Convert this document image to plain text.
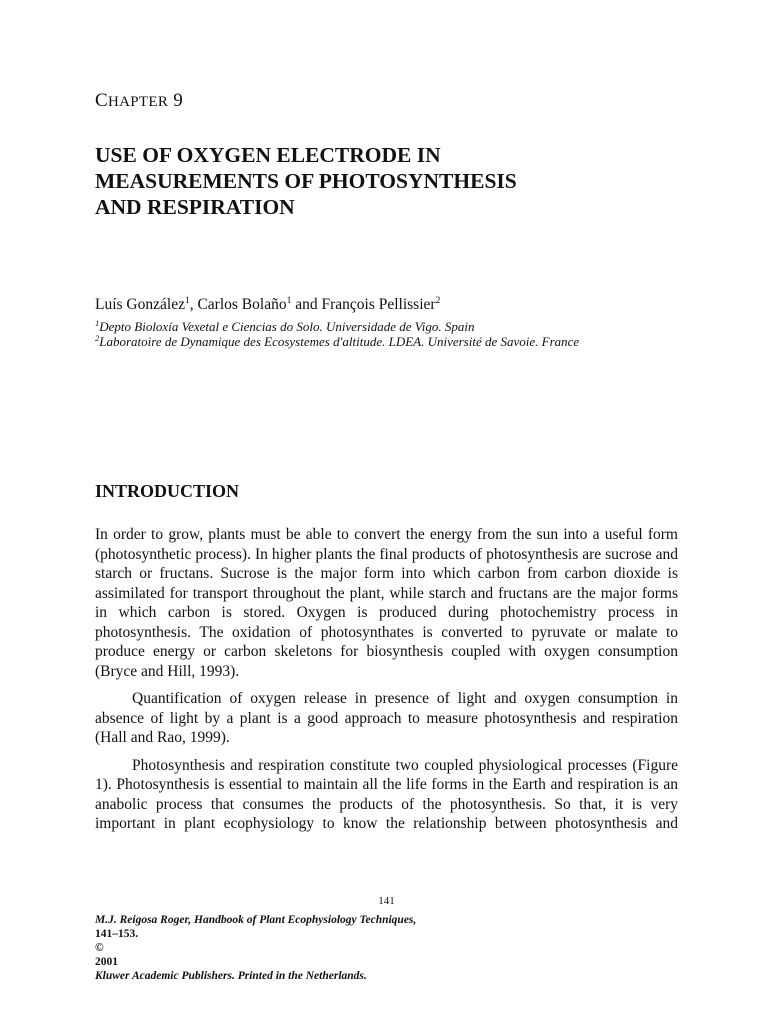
CHAPTER 9
USE OF OXYGEN ELECTRODE IN
MEASUREMENTS OF PHOTOSYNTHESIS
AND RESPIRATION
Luís González$^1$, Carlos Bolaño$^1$ and François Pellissier$^2$
$^1$Depto Bioloxía Vexetal e Ciencias do Solo. Universidade de Vigo. Spain
$^2$Laboratoire de Dynamique des Ecosystemes d'altitude. LDEA. Université de Savoie. France
INTRODUCTION

In order to grow, plants must be able to convert the energy from the sun into a useful form (photosynthetic process). In higher plants the final products of photosynthesis are sucrose and starch or fructans. Sucrose is the major form into which carbon from carbon dioxide is assimilated for transport throughout the plant, while starch and fructans are the major forms in which carbon is stored. Oxygen is produced during photochemistry process in photosynthesis. The oxidation of photosynthates is converted to pyruvate or malate to produce energy or carbon skeletons for biosynthesis coupled with oxygen consumption (Bryce and Hill, 1993).

Quantification of oxygen release in presence of light and oxygen consumption in absence of light by a plant is a good approach to measure photosynthesis and respiration (Hall and Rao, 1999).

Photosynthesis and respiration constitute two coupled physiological processes (Figure 1). Photosynthesis is essential to maintain all the life forms in the Earth and respiration is an anabolic process that consumes the products of the photosynthesis. So that, it is very important in plant ecophysiology to know the relationship between photosynthesis and

141
M.J. Reigosa Roger, Handbook of Plant Ecophysiology Techniques,
141–153.
©
2001
Kluwer Academic Publishers. Printed in the Netherlands.
